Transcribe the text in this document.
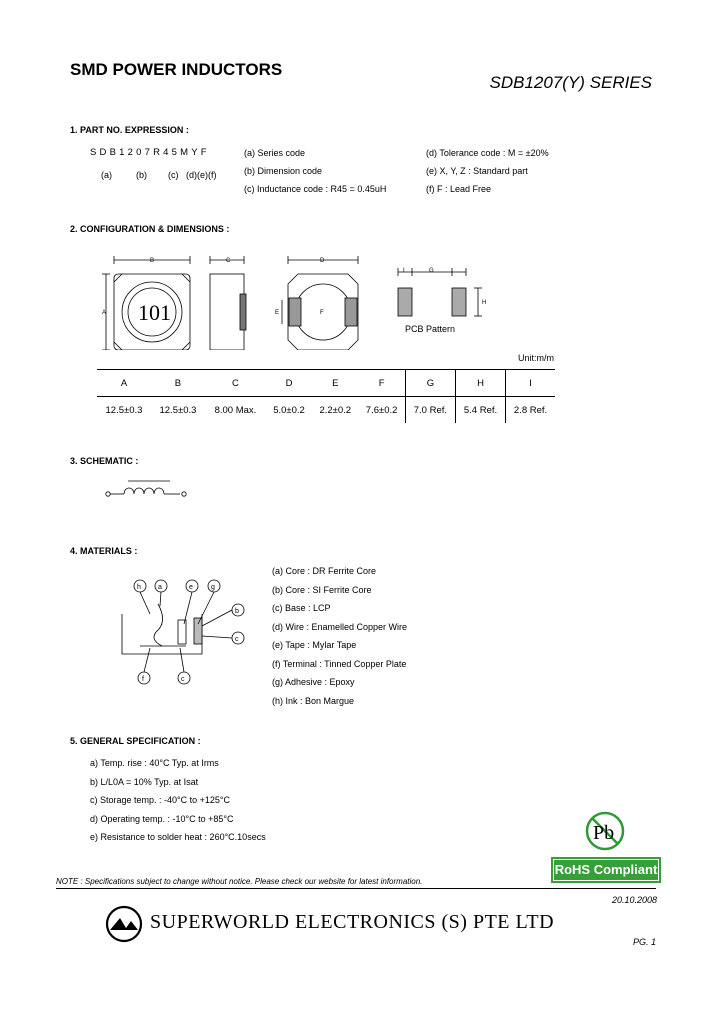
SMD POWER INDUCTORS
SDB1207(Y) SERIES
1. PART NO. EXPRESSION :
SDB1207R45MYF
(a)	(b) (c) (d)(e)(f)
(a) Series code
(b) Dimension code
(c) Inductance code : R45 = 0.45uH
(d) Tolerance code : M = ±20%
(e) X, Y, Z : Standard part
(f) F : Lead Free
2. CONFIGURATION & DIMENSIONS :
B
A 101
C	D
E	F
I	G
H
PCB Pattern
Unit:m/m
A	B	C	D	E	F	G	H	I
12.5±0.3	12.5±0.3	8.00 Max.	5.0±0.2	2.2±0.2	7.6±0.2	7.0 Ref.	5.4 Ref.	2.8 Ref.
3. SCHEMATIC :
4. MATERIALS :
h a	e	g
b
c
f	c
(a) Core : DR Ferrite Core
(b) Core : SI Ferrite Core
(c) Base : LCP
(d) Wire : Enamelled Copper Wire
(e) Tape : Mylar Tape
(f) Terminal : Tinned Copper Plate
(g) Adhesive : Epoxy
(h) Ink : Bon Margue
5. GENERAL SPECIFICATION :
a) Temp. rise : 40°C Typ. at Irms
b) L/L0A = 10% Typ. at Isat
c) Storage temp. : -40°C to +125°C
d) Operating temp. : -10°C to +85°C
e) Resistance to solder heat : 260°C.10secs	Pb
RoHS Compliant
NOTE : Specifications subject to change without notice. Please check our website for latest information.
20.10.2008
SUPERWORLD ELECTRONICS (S) PTE LTD
PG. 1
